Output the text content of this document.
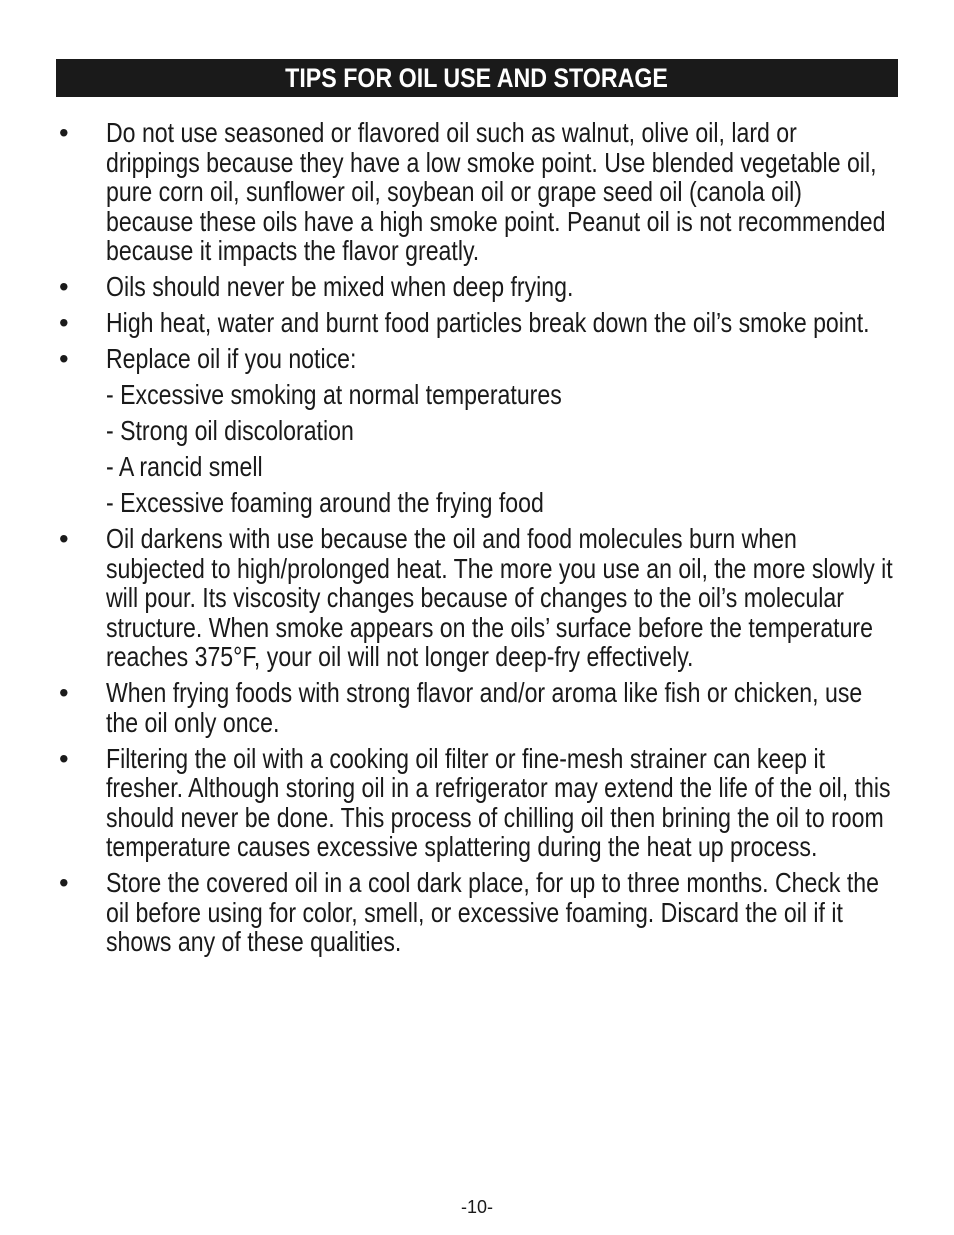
TIPS FOR OIL USE AND STORAGE
•	Do not use seasoned or flavored oil such as walnut, olive oil, lard or drippings because they have a low smoke point. Use blended vegetable oil, pure corn oil, sunflower oil, soybean oil or grape seed oil (canola oil) because these oils have a high smoke point. Peanut oil is not recommended because it impacts the flavor greatly.
•	Oils should never be mixed when deep frying.
•	High heat, water and burnt food particles break down the oil’s smoke point.
•	Replace oil if you notice:
- Excessive smoking at normal temperatures
- Strong oil discoloration
- A rancid smell
- Excessive foaming around the frying food
•	Oil darkens with use because the oil and food molecules burn when subjected to high/prolonged heat. The more you use an oil, the more slowly it will pour. Its viscosity changes because of changes to the oil’s molecular structure. When smoke appears on the oils’ surface before the temperature reaches 375°F, your oil will not longer deep-fry effectively.
•	When frying foods with strong flavor and/or aroma like fish or chicken, use the oil only once.
•	Filtering the oil with a cooking oil filter or fine-mesh strainer can keep it fresher. Although storing oil in a refrigerator may extend the life of the oil, this should never be done. This process of chilling oil then brining the oil to room temperature causes excessive splattering during the heat up process.
•	Store the covered oil in a cool dark place, for up to three months. Check the oil before using for color, smell, or excessive foaming. Discard the oil if it shows any of these qualities.
-10-
